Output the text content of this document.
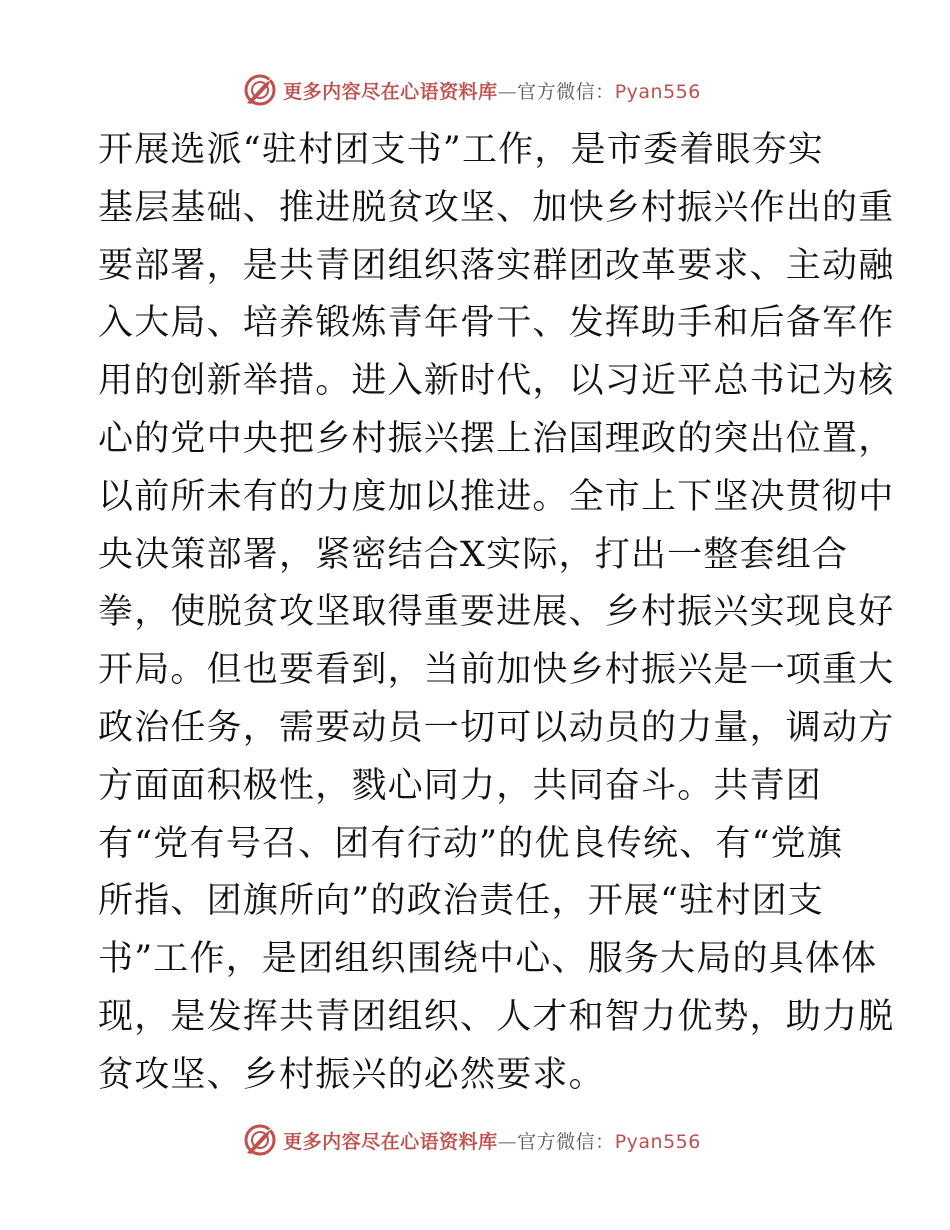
更多内容尽在心语资料库—官方微信：Pyan556
开展选派“驻村团支书”工作，是市委着眼夯实
基层基础、推进脱贫攻坚、加快乡村振兴作出的重
要部署，是共青团组织落实群团改革要求、主动融
入大局、培养锻炼青年骨干、发挥助手和后备军作
用的创新举措。进入新时代，以习近平总书记为核
心的党中央把乡村振兴摆上治国理政的突出位置，
以前所未有的力度加以推进。全市上下坚决贯彻中
央决策部署，紧密结合X实际，打出一整套组合
拳，使脱贫攻坚取得重要进展、乡村振兴实现良好
开局。但也要看到，当前加快乡村振兴是一项重大
政治任务，需要动员一切可以动员的力量，调动方
方面面积极性，戮心同力，共同奋斗。共青团
有“党有号召、团有行动”的优良传统、有“党旗
所指、团旗所向”的政治责任，开展“驻村团支
书”工作，是团组织围绕中心、服务大局的具体体
现，是发挥共青团组织、人才和智力优势，助力脱
贫攻坚、乡村振兴的必然要求。
更多内容尽在心语资料库—官方微信：Pyan556
